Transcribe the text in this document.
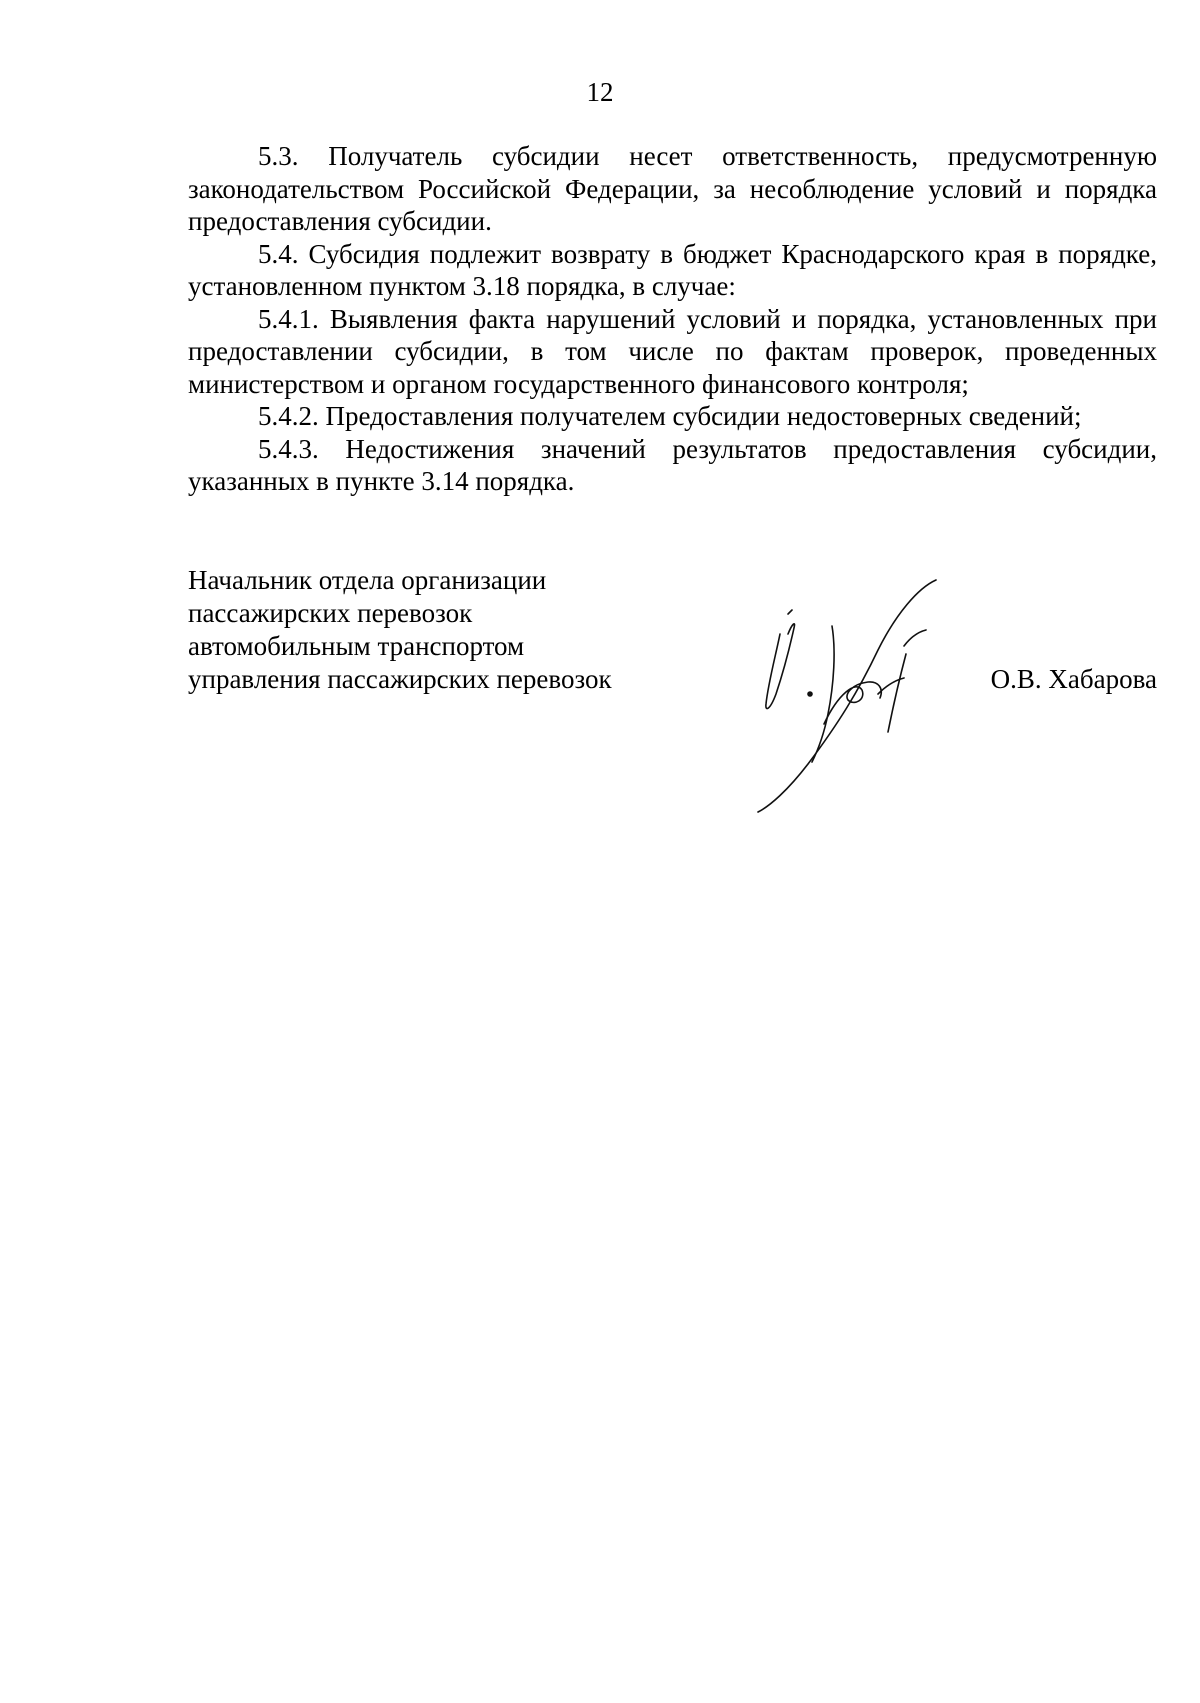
12

5.3. Получатель субсидии несет ответственность, предусмотренную законодательством Российской Федерации, за несоблюдение условий и порядка предоставления субсидии.

5.4. Субсидия подлежит возврату в бюджет Краснодарского края в порядке, установленном пунктом 3.18 порядка, в случае:

5.4.1. Выявления факта нарушений условий и порядка, установленных при предоставлении субсидии, в том числе по фактам проверок, проведенных министерством и органом государственного финансового контроля;

5.4.2. Предоставления получателем субсидии недостоверных сведений;

5.4.3. Недостижения значений результатов предоставления субсидии, указанных в пункте 3.14 порядка.

Начальник отдела организации
пассажирских перевозок
автомобильным транспортом
управления пассажирских перевозок	О.В. Хабарова
